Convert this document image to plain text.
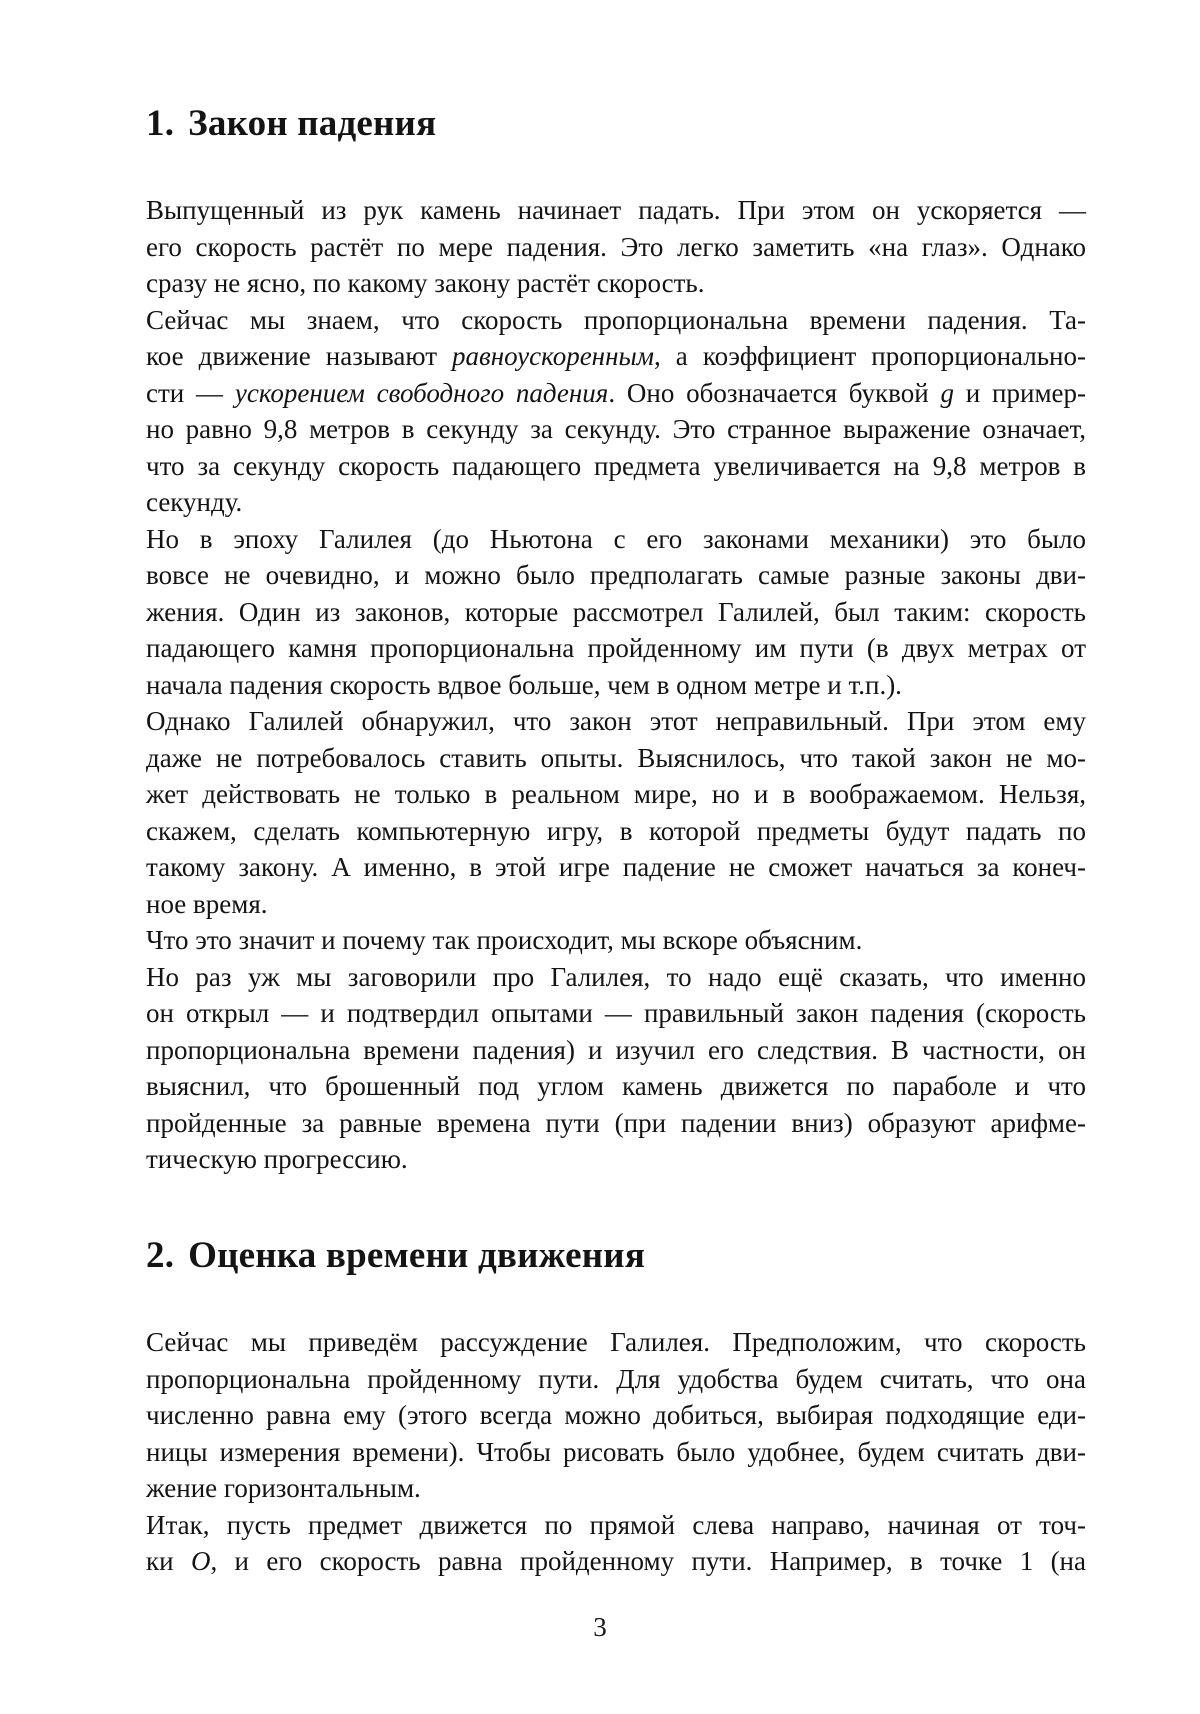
1. Закон падения

Выпущенный из рук камень начинает падать. При этом он ускоряется —
его скорость растёт по мере падения. Это легко заметить «на глаз». Однако
сразу не ясно, по какому закону растёт скорость.

Сейчас мы знаем, что скорость пропорциональна времени падения. Та-
кое движение называют равноускоренным, а коэффициент пропорционально-
сти — ускорением свободного падения. Оно обозначается буквой g и пример-
но равно 9,8 метров в секунду за секунду. Это странное выражение означает,
что за секунду скорость падающего предмета увеличивается на 9,8 метров в
секунду.

Но в эпоху Галилея (до Ньютона с его законами механики) это было
вовсе не очевидно, и можно было предполагать самые разные законы дви-
жения. Один из законов, которые рассмотрел Галилей, был таким: скорость
падающего камня пропорциональна пройденному им пути (в двух метрах от
начала падения скорость вдвое больше, чем в одном метре и т.п.).

Однако Галилей обнаружил, что закон этот неправильный. При этом ему
даже не потребовалось ставить опыты. Выяснилось, что такой закон не мо-
жет действовать не только в реальном мире, но и в воображаемом. Нельзя,
скажем, сделать компьютерную игру, в которой предметы будут падать по
такому закону. А именно, в этой игре падение не сможет начаться за конеч-
ное время.

Что это значит и почему так происходит, мы вскоре объясним.

Но раз уж мы заговорили про Галилея, то надо ещё сказать, что именно
он открыл — и подтвердил опытами — правильный закон падения (скорость
пропорциональна времени падения) и изучил его следствия. В частности, он
выяснил, что брошенный под углом камень движется по параболе и что
пройденные за равные времена пути (при падении вниз) образуют арифме-
тическую прогрессию.

2. Оценка времени движения

Сейчас мы приведём рассуждение Галилея. Предположим, что скорость
пропорциональна пройденному пути. Для удобства будем считать, что она
численно равна ему (этого всегда можно добиться, выбирая подходящие еди-
ницы измерения времени). Чтобы рисовать было удобнее, будем считать дви-
жение горизонтальным.

Итак, пусть предмет движется по прямой слева направо, начиная от точ-
ки O, и его скорость равна пройденному пути. Например, в точке 1 (на

3
